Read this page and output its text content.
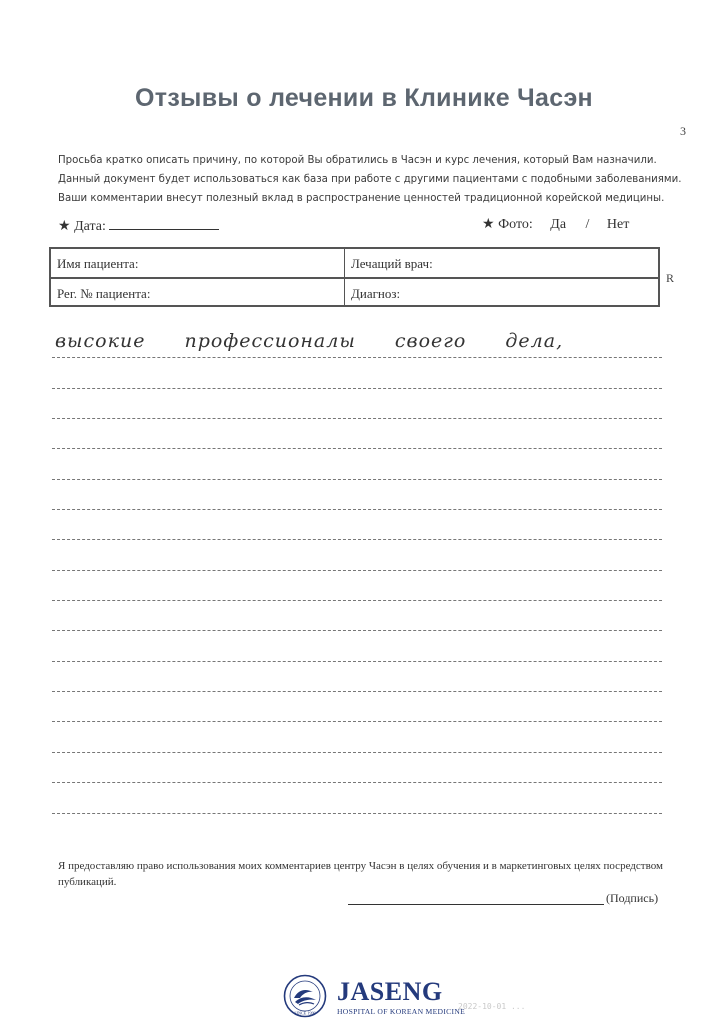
Отзывы о лечении в Клинике Часэн
Просьба кратко описать причину, по которой Вы обратились в Часэн и курс лечения, который Вам назначили.
Данный документ будет использоваться как база при работе с другими пациентами с подобными заболеваниями.
Ваши комментарии внесут полезный вклад в распространение ценностей традиционной корейской медицины.
★ Дата:	★ Фото: Да / Нет
Имя пациента:	Лечащий врач:
Рег. № пациента:	Диагноз:
3
R
высокие профессионалы своего дела,
Я предоставляю право использования моих комментариев центру Часэн в целях обучения и в маркетинговых целях посредством публикаций.
(Подпись)
SINCE 1990
JASENG
HOSPITAL OF KOREAN MEDICINE
2022-10-01 ...
